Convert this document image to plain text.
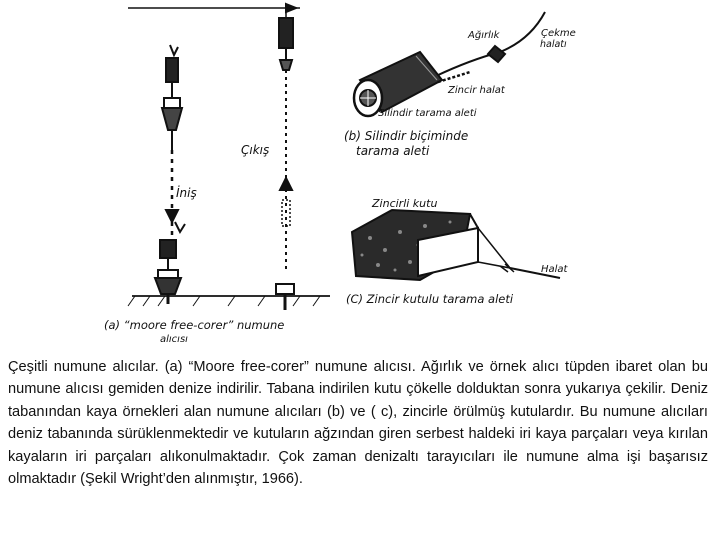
İniş
Çıkış
(a) “moore free-corer” numune
alıcısı
Ağırlık	Çekme
halatı
Zincir halat
Silindir tarama aleti
(b) Silindir biçiminde
tarama aleti
Zincirli kutu
Halat
(C) Zincir kutulu tarama aleti
Çeşitli numune alıcılar. (a) “Moore free-corer” numune alıcısı. Ağırlık ve örnek alıcı tüpden ibaret olan bu numune alıcısı gemiden denize indirilir. Tabana indirilen kutu çökelle dolduktan sonra yukarıya çekilir. Deniz tabanından kaya örnekleri alan numune alıcıları (b) ve ( c), zincirle örülmüş kutulardır. Bu numune alıcıları deniz tabanında sürüklenmektedir ve kutuların ağzından giren serbest haldeki iri kaya parçaları veya kırılan kayaların iri parçaları alıkonulmaktadır. Çok zaman denizaltı tarayıcıları ile numune alma işi başarısız olmaktadır (Şekil Wright’den alınmıştır, 1966).
